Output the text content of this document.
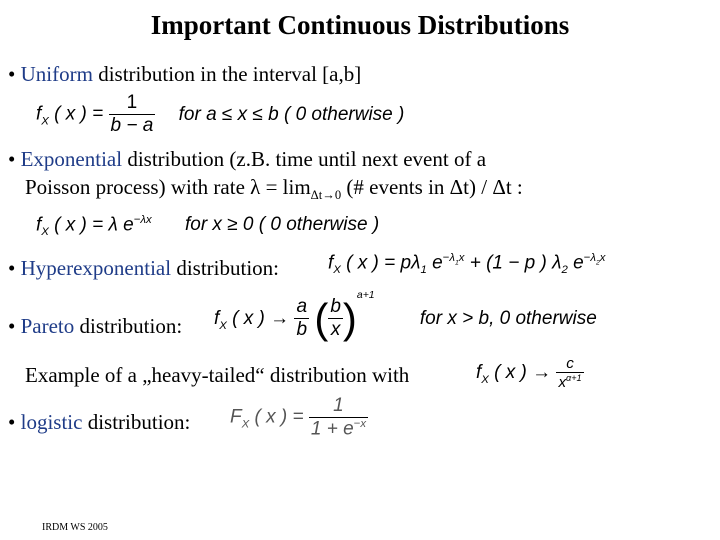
Important Continuous Distributions
• Uniform distribution in the interval [a,b]
$f_X$ ( x ) = $\frac{1}{b - a}$ for a ≤ x ≤ b ( 0 otherwise )
• Exponential distribution (z.B. time until next event of a
Poisson process) with rate $\lambda = \lim_{\Delta t\to 0}$ (# events in Δt) / Δt :
$f_X$ ( x ) = λ $e^{-\lambda x}$ for x ≥ 0 ( 0 otherwise )
• Hyperexponential distribution:	$f_X$ ( x ) = $p\lambda_1$ $e^{-\lambda_1x} + (1 - p$ ) $\lambda_2$ $e^{-\lambda_2x}$
• Pareto distribution: $f_X$ ( x ) → $\frac{a}{b}$ ( $\frac{b}{x} )^{a+1}$ for x > b, 0 otherwise
Example of a „heavy-tailed“ distribution with	$f_X$ ( x ) → $\frac{c}{x^{\alpha+1}}$
• logistic distribution: $F_X$ ( x ) = $\frac{1}{1 + e^{-x}}$
IRDM WS 2005
